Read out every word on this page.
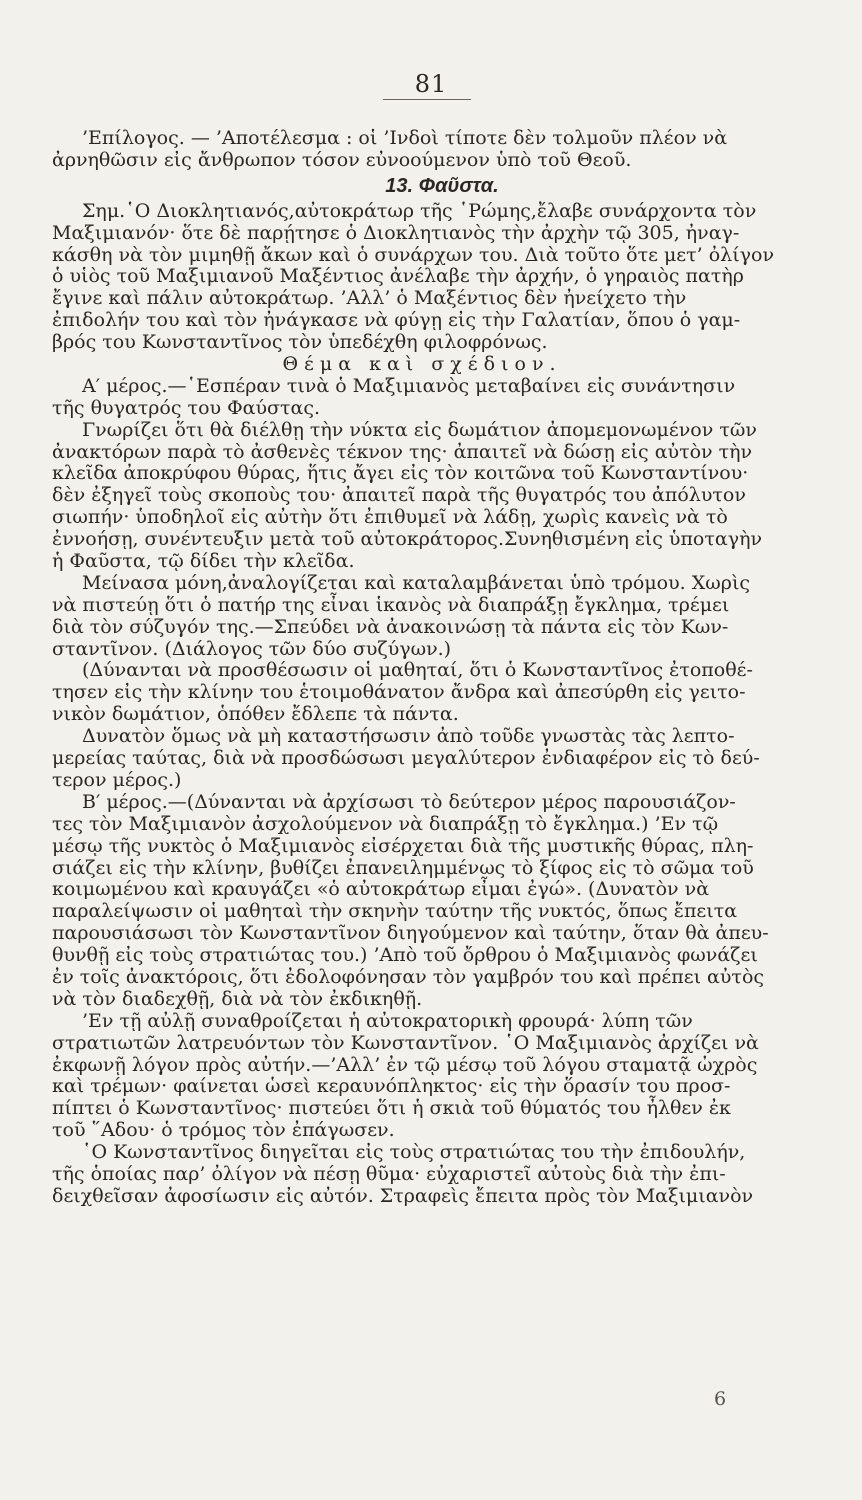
81
’Επίλογος. — ’Αποτέλεσμα : οἱ ’Ινδοὶ τίποτε δὲν τολμοῦν πλέον νὰ
ἀρνηθῶσιν εἰς ἄνθρωπον τόσον εὐνοούμενον ὑπὸ τοῦ Θεοῦ.
13. Φαῦστα.
Σημ.῾Ο Διοκλητιανός,αὐτοκράτωρ τῆς ῾Ρώμης,ἔλαβε συνάρχοντα τὸν
Μαξιμιανόν· ὅτε δὲ παρῄτησε ὁ Διοκλητιανὸς τὴν ἀρχὴν τῷ 305, ἠναγ-
κάσθη νὰ τὸν μιμηθῇ ἄκων καὶ ὁ συνάρχων του. Διὰ τοῦτο ὅτε μετ’ ὀλίγον
ὁ υἱὸς τοῦ Μαξιμιανοῦ Μαξέντιος ἀνέλαβε τὴν ἀρχήν, ὁ γηραιὸς πατὴρ
ἔγινε καὶ πάλιν αὐτοκράτωρ. ’Αλλ’ ὁ Μαξέντιος δὲν ἠνείχετο τὴν
ἐπιδολήν του καὶ τὸν ἠνάγκασε νὰ φύγῃ εἰς τὴν Γαλατίαν, ὅπου ὁ γαμ-
βρός του Κωνσταντῖνος τὸν ὑπεδέχθη φιλοφρόνως.
Θέμα καὶ σχέδιον.
Α′ μέρος.—῾Εσπέραν τινὰ ὁ Μαξιμιανὸς μεταβαίνει εἰς συνάντησιν
τῆς θυγατρός του Φαύστας.
Γνωρίζει ὅτι θὰ διέλθῃ τὴν νύκτα εἰς δωμάτιον ἀπομεμονωμένον τῶν
ἀνακτόρων παρὰ τὸ ἀσθενὲς τέκνον της· ἀπαιτεῖ νὰ δώσῃ εἰς αὐτὸν τὴν
κλεῖδα ἀποκρύφου θύρας, ἥτις ἄγει εἰς τὸν κοιτῶνα τοῦ Κωνσταντίνου·
δὲν ἐξηγεῖ τοὺς σκοποὺς του· ἀπαιτεῖ παρὰ τῆς θυγατρός του ἀπόλυτον
σιωπήν· ὑποδηλοῖ εἰς αὐτὴν ὅτι ἐπιθυμεῖ νὰ λάδῃ, χωρὶς κανεὶς νὰ τὸ
ἐννοήσῃ, συνέντευξιν μετὰ τοῦ αὐτοκράτορος.Συνηθισμένη εἰς ὑποταγὴν
ἡ Φαῦστα, τῷ δίδει τὴν κλεῖδα.
Μείνασα μόνη,ἀναλογίζεται καὶ καταλαμβάνεται ὑπὸ τρόμου. Χωρὶς
νὰ πιστεύῃ ὅτι ὁ πατήρ της εἶναι ἱκανὸς νὰ διαπράξῃ ἔγκλημα, τρέμει
διὰ τὸν σύζυγόν της.—Σπεύδει νὰ ἀνακοινώσῃ τὰ πάντα εἰς τὸν Κων-
σταντῖνον. (Διάλογος τῶν δύο συζύγων.)
(Δύνανται νὰ προσθέσωσιν οἱ μαθηταί, ὅτι ὁ Κωνσταντῖνος ἐτοποθέ-
τησεν εἰς τὴν κλίνην του ἑτοιμοθάνατον ἄνδρα καὶ ἀπεσύρθη εἰς γειτο-
νικὸν δωμάτιον, ὁπόθεν ἔδλεπε τὰ πάντα.
Δυνατὸν ὅμως νὰ μὴ καταστήσωσιν ἀπὸ τοῦδε γνωστὰς τὰς λεπτο-
μερείας ταύτας, διὰ νὰ προσδώσωσι μεγαλύτερον ἐνδιαφέρον εἰς τὸ δεύ-
τερον μέρος.)
Β′ μέρος.—(Δύνανται νὰ ἀρχίσωσι τὸ δεύτερον μέρος παρουσιάζον-
τες τὸν Μαξιμιανὸν ἀσχολούμενον νὰ διαπράξῃ τὸ ἔγκλημα.) ’Εν τῷ
μέσῳ τῆς νυκτὸς ὁ Μαξιμιανὸς εἰσέρχεται διὰ τῆς μυστικῆς θύρας, πλη-
σιάζει εἰς τὴν κλίνην, βυθίζει ἐπανειλημμένως τὸ ξίφος εἰς τὸ σῶμα τοῦ
κοιμωμένου καὶ κραυγάζει «ὁ αὐτοκράτωρ εἶμαι ἐγώ». (Δυνατὸν νὰ
παραλείψωσιν οἱ μαθηταὶ τὴν σκηνὴν ταύτην τῆς νυκτός, ὅπως ἔπειτα
παρουσιάσωσι τὸν Κωνσταντῖνον διηγούμενον καὶ ταύτην, ὅταν θὰ ἀπευ-
θυνθῇ εἰς τοὺς στρατιώτας του.) ’Απὸ τοῦ ὄρθρου ὁ Μαξιμιανὸς φωνάζει
ἐν τοῖς ἀνακτόροις, ὅτι ἐδολοφόνησαν τὸν γαμβρόν του καὶ πρέπει αὐτὸς
νὰ τὸν διαδεχθῇ, διὰ νὰ τὸν ἐκδικηθῇ.
’Εν τῇ αὐλῇ συναθροίζεται ἡ αὐτοκρατορικὴ φρουρά· λύπη τῶν
στρατιωτῶν λατρευόντων τὸν Κωνσταντῖνον. ῾Ο Μαξιμιανὸς ἀρχίζει νὰ
ἐκφωνῇ λόγον πρὸς αὐτήν.—’Αλλ’ ἐν τῷ μέσῳ τοῦ λόγου σταματᾷ ὠχρὸς
καὶ τρέμων· φαίνεται ὡσεὶ κεραυνόπληκτος· εἰς τὴν ὅρασίν του προσ-
πίπτει ὁ Κωνσταντῖνος· πιστεύει ὅτι ἡ σκιὰ τοῦ θύματός του ἦλθεν ἐκ
τοῦ ῞Αδου· ὁ τρόμος τὸν ἐπάγωσεν.
῾Ο Κωνσταντῖνος διηγεῖται εἰς τοὺς στρατιώτας του τὴν ἐπιδουλήν,
τῆς ὁποίας παρ’ ὀλίγον νὰ πέσῃ θῦμα· εὐχαριστεῖ αὐτοὺς διὰ τὴν ἐπι-
δειχθεῖσαν ἀφοσίωσιν εἰς αὐτόν. Στραφεὶς ἔπειτα πρὸς τὸν Μαξιμιανὸν
6
